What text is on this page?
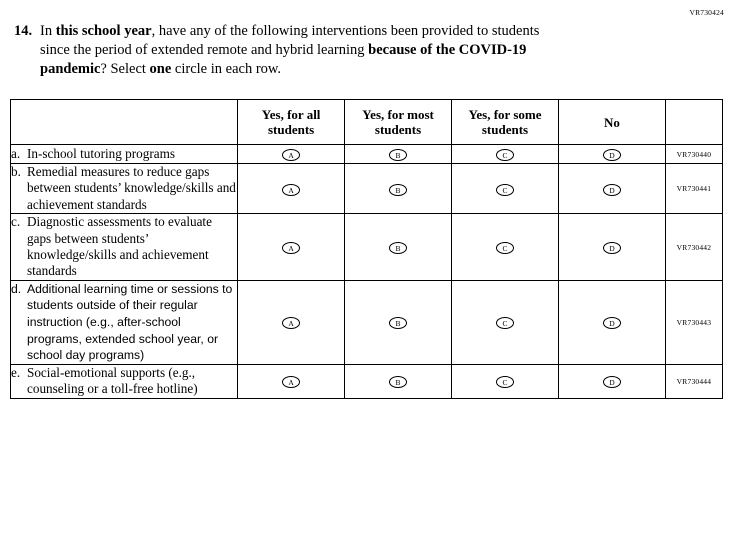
VR730424
14. In this school year, have any of the following interventions been provided to students
since the period of extended remote and hybrid learning because of the COVID-19
pandemic? Select one circle in each row.
	Yes, for all
students	Yes, for most
students	Yes, for some
students	No	

a. In-school tutoring programs	A	B	C	D	VR730440

b. Remedial measures to reduce gaps between students’ knowledge/skills and achievement standards	A	B	C	D	VR730441

c. Diagnostic assessments to evaluate gaps between students’ knowledge/skills and achievement standards	A	B	C	D	VR730442

d. Additional learning time or sessions to students outside of their regular instruction (e.g., after-school programs, extended school year, or school day programs)	A	B	C	D	VR730443

e. Social-emotional supports (e.g., counseling or a toll-free hotline)	A	B	C	D	VR730444
